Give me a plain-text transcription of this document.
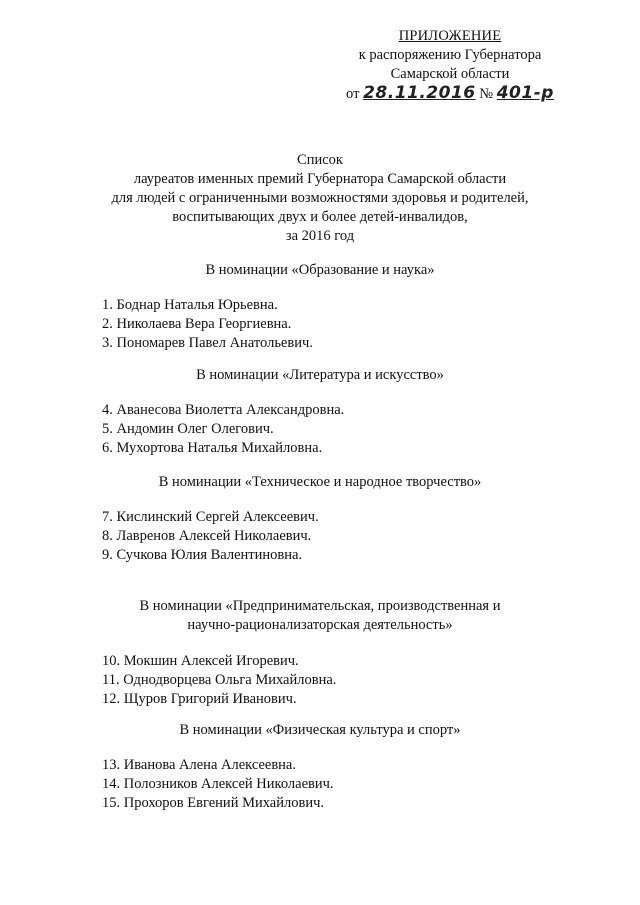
ПРИЛОЖЕНИЕ
к распоряжению Губернатора
Самарской области
от 28.11.2016 № 401-р
Список
лауреатов именных премий Губернатора Самарской области
для людей с ограниченными возможностями здоровья и родителей,
воспитывающих двух и более детей-инвалидов,
за 2016 год
В номинации «Образование и наука»
1. Боднар Наталья Юрьевна.
2. Николаева Вера Георгиевна.
3. Пономарев Павел Анатольевич.
В номинации «Литература и искусство»
4. Аванесова Виолетта Александровна.
5. Андомин Олег Олегович.
6. Мухортова Наталья Михайловна.
В номинации «Техническое и народное творчество»
7. Кислинский Сергей Алексеевич.
8. Лавренов Алексей Николаевич.
9. Сучкова Юлия Валентиновна.
В номинации «Предпринимательская, производственная и
научно-рационализаторская деятельность»
10. Мокшин Алексей Игоревич.
11. Однодворцева Ольга Михайловна.
12. Щуров Григорий Иванович.
В номинации «Физическая культура и спорт»
13. Иванова Алена Алексеевна.
14. Полозников Алексей Николаевич.
15. Прохоров Евгений Михайлович.
